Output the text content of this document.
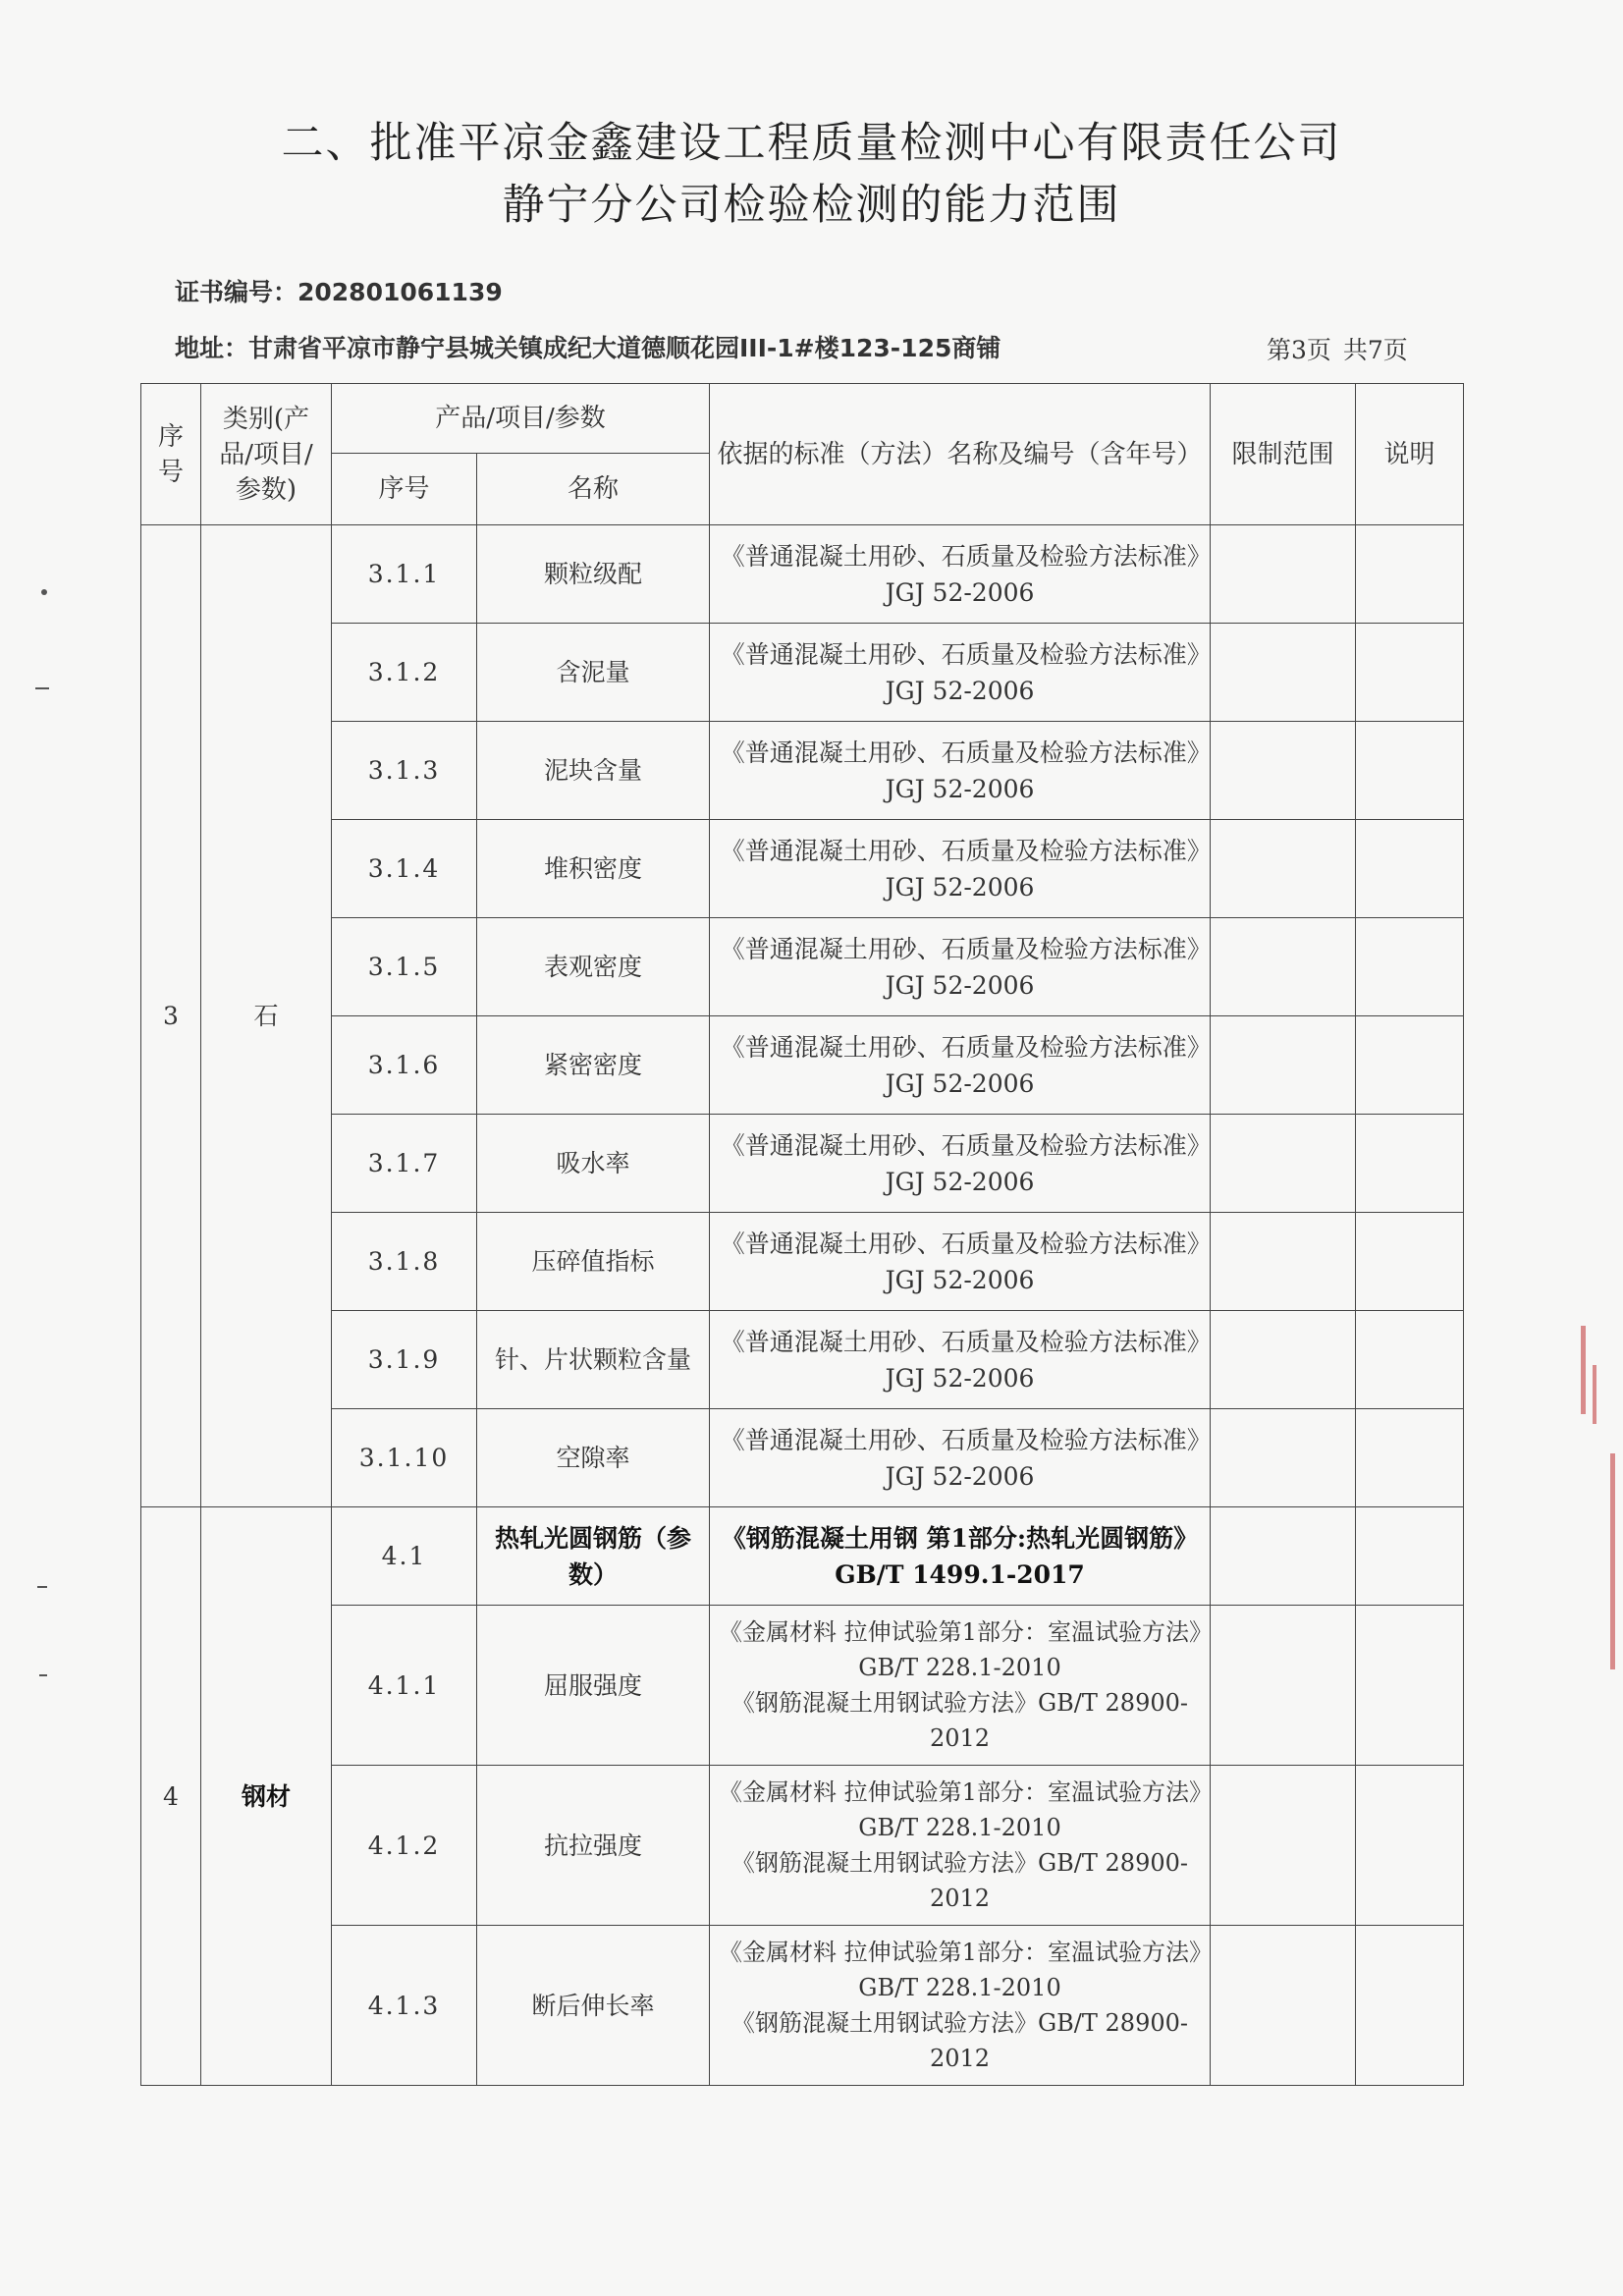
二、批准平凉金鑫建设工程质量检测中心有限责任公司
静宁分公司检验检测的能力范围
证书编号：202801061139
地址：甘肃省平凉市静宁县城关镇成纪大道德顺花园III-1#楼123-125商铺	第3页 共7页
序号	类别(产品/项目/参数)	产品/项目/参数		依据的标准（方法）名称及编号（含年号）	限制范围	说明
		序号	名称			
3	石	3.1.1	颗粒级配	《普通混凝土用砂、石质量及检验方法标准》JGJ 52-2006		
		3.1.2	含泥量	《普通混凝土用砂、石质量及检验方法标准》JGJ 52-2006		
		3.1.3	泥块含量	《普通混凝土用砂、石质量及检验方法标准》JGJ 52-2006		
		3.1.4	堆积密度	《普通混凝土用砂、石质量及检验方法标准》JGJ 52-2006		
		3.1.5	表观密度	《普通混凝土用砂、石质量及检验方法标准》JGJ 52-2006		
		3.1.6	紧密密度	《普通混凝土用砂、石质量及检验方法标准》JGJ 52-2006		
		3.1.7	吸水率	《普通混凝土用砂、石质量及检验方法标准》JGJ 52-2006		
		3.1.8	压碎值指标	《普通混凝土用砂、石质量及检验方法标准》JGJ 52-2006		
		3.1.9	针、片状颗粒含量	《普通混凝土用砂、石质量及检验方法标准》JGJ 52-2006		
		3.1.10	空隙率	《普通混凝土用砂、石质量及检验方法标准》JGJ 52-2006		
4	钢材	4.1	热轧光圆钢筋（参数）	《钢筋混凝土用钢 第1部分:热轧光圆钢筋》GB/T 1499.1-2017		
		4.1.1	屈服强度	《金属材料 拉伸试验第1部分：室温试验方法》GB/T 228.1-2010
《钢筋混凝土用钢试验方法》GB/T 28900-2012		

		4.1.2	抗拉强度	《金属材料 拉伸试验第1部分：室温试验方法》GB/T 228.1-2010
《钢筋混凝土用钢试验方法》GB/T 28900-2012		

		4.1.3	断后伸长率	《金属材料 拉伸试验第1部分：室温试验方法》GB/T 228.1-2010
《钢筋混凝土用钢试验方法》GB/T 28900-2012		
